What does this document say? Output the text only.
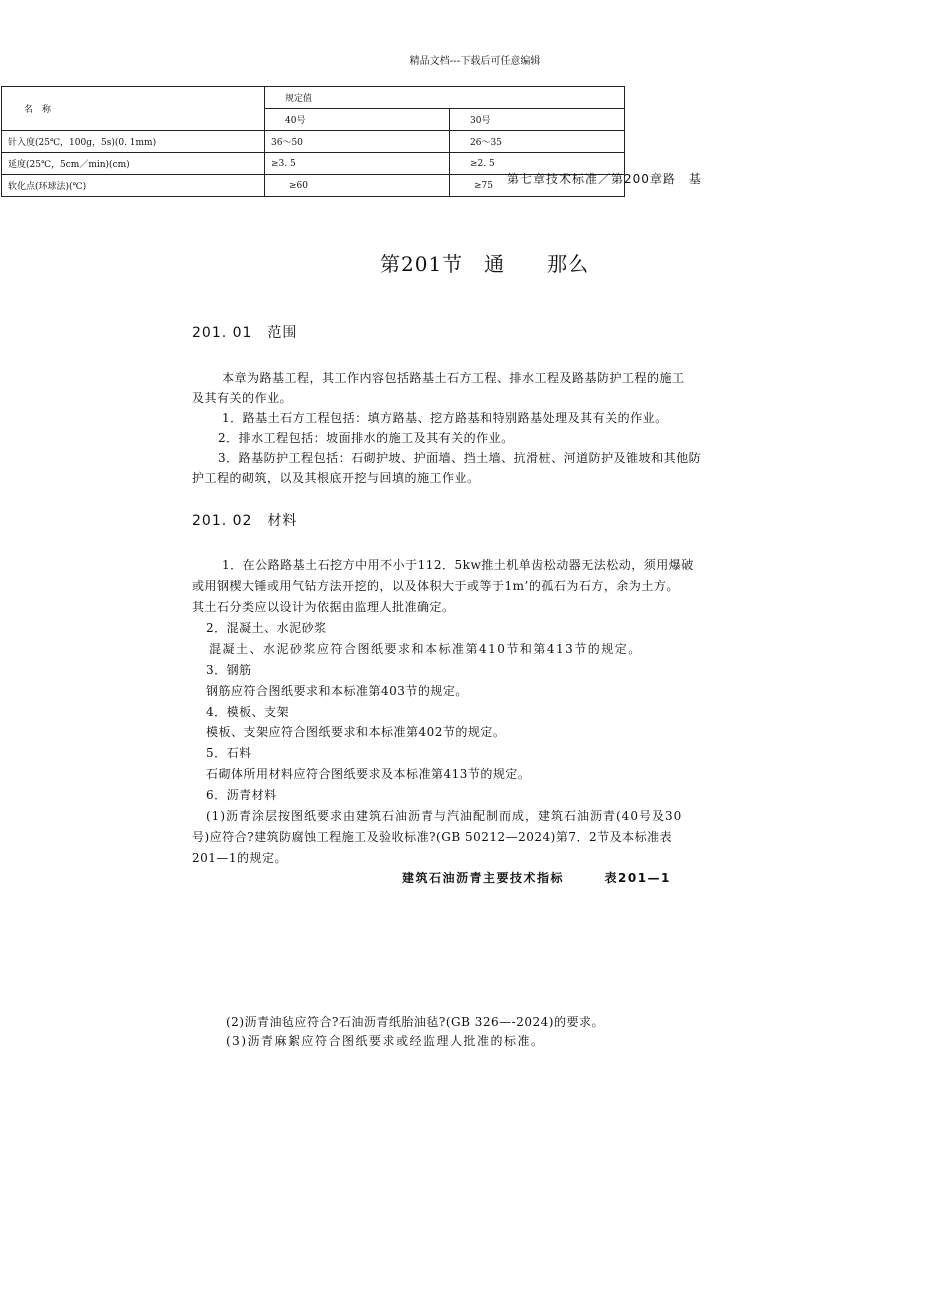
精品文档---下载后可任意编辑
名　称	规定值	
	40号	30号
针入度(25℃，100g，5s)(0. 1mm)	36～50	26～35
延度(25℃，5cm／min)(cm)	≥3. 5	≥2. 5
软化点(环球法)(℃)	≥60	≥75 第七章技术标准／第200章路　基
第201节　通　　那么
201. 01　范围
本章为路基工程，其工作内容包括路基土石方工程、排水工程及路基防护工程的施工
及其有关的作业。
1．路基土石方工程包括：填方路基、挖方路基和特别路基处理及其有关的作业。
2．排水工程包括：坡面排水的施工及其有关的作业。
3．路基防护工程包括：石砌护坡、护面墙、挡土墙、抗滑桩、河道防护及锥坡和其他防
护工程的砌筑，以及其根底开挖与回填的施工作业。
201. 02　材料
1．在公路路基土石挖方中用不小于112．5kw推土机单齿松动器无法松动，须用爆破
或用钢楔大锤或用气钻方法开挖的，以及体积大于或等于1m’的孤石为石方，余为土方。
其土石分类应以设计为依据由监理人批准确定。
2．混凝土、水泥砂浆
混凝土、水泥砂浆应符合图纸要求和本标准第410节和第413节的规定。
3．钢筋
钢筋应符合图纸要求和本标准第403节的规定。
4．模板、支架
模板、支架应符合图纸要求和本标准第402节的规定。
5．石料
石砌体所用材料应符合图纸要求及本标准第413节的规定。
6．沥青材料
(1)沥青涂层按图纸要求由建筑石油沥青与汽油配制而成，建筑石油沥青(40号及30
号)应符合?建筑防腐蚀工程施工及验收标准?(GB 50212—2024)第7．2节及本标准表
201—1的规定。
建筑石油沥青主要技术指标　　　表201—1
(2)沥青油毡应符合?石油沥青纸胎油毡?(GB 326—-2024)的要求。
(3)沥青麻絮应符合图纸要求或经监理人批准的标准。
